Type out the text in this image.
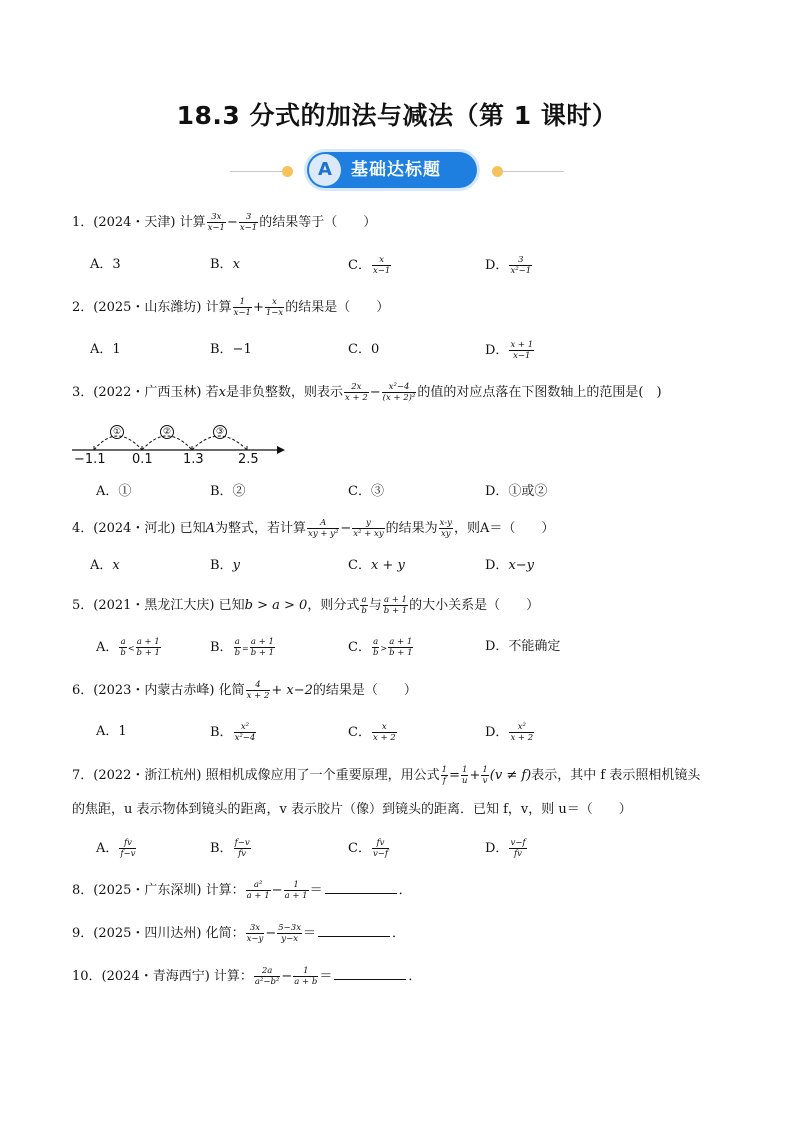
18.3 分式的加法与减法（第 1 课时）
A	基础达标题
1．(2024・天津) 计算 $\frac{3x}{x-1} - \frac{3}{x-1}$ 的结果等于（　　）
A．3	B．x	C． $\frac{x}{x-1}$	D． $\frac{3}{\text{x²−1}}$
2．(2025・山东潍坊) 计算 $\frac{1}{x-1} + \frac{x}{1-x}$ 的结果是（　　）
A．1	B．−1	C．0	D． $\frac{x + 1}{x-1}$
3．(2022・广西玉林) 若x是非负整数，则表示 $\frac{2x}{x + 2} - \frac{\text{x²−4}}{\text{(x + 2)²}}$ 的值的对应点落在下图数轴上的范围是(　)
①	②	③
−1.1 0.1 1.3	2.5
A．①	B．②	C．③	D．①或②
4．(2024・河北) 已知A为整式，若计算 $\frac{A}{\text{xy + y²}} - \frac{y}{\text{x² + xy}}$ 的结果为 $\frac{x-y}{xy}$ ，则A＝（　　）
A．x	B．y	C．x + y	D．x−y
5．(2021・黑龙江大庆) 已知b > a > 0，则分式 $\frac{a}{b}$ 与 $\frac{a + 1}{b + 1}$ 的大小关系是（　　）
A． $\frac{a}{b} < \frac{a + 1}{b + 1}$	B． $\frac{a}{b} = \frac{a + 1}{b + 1}$	C． $\frac{a}{b} > \frac{a + 1}{b + 1}$	D．不能确定
6．(2023・内蒙古赤峰) 化简 $\frac{4}{x + 2} + x-2$的结果是（　　）
A．1	B． $\frac{\text{x²}}{\text{x²−4}}$	C． $\frac{x}{x + 2}$	D． $\frac{\text{x²}}{x + 2}$
7．(2022・浙江杭州) 照相机成像应用了一个重要原理，用公式 $\frac{1}{f} = \frac{1}{u} + \frac{1}{v} (v \ne f)$表示，其中 f 表示照相机镜头
的焦距，u 表示物体到镜头的距离，v 表示胶片（像）到镜头的距离．已知 f，v，则 u＝（　　）
A． $\frac{fv}{f-v}$	B． $\frac{f-v}{fv}$	C． $\frac{fv}{v-f}$	D． $\frac{v-f}{fv}$
8．(2025・广东深圳) 计算： $\frac{\text{a²}}{a + 1} - \frac{1}{a + 1}$ ＝	．
9．(2025・四川达州) 化简： $\frac{3x}{x-y} - \frac{5-3x}{y-x}$ ＝	．
10．(2024・青海西宁) 计算： $\frac{2a}{\text{a²−b²}} - \frac{1}{a + b}$ ＝	．
